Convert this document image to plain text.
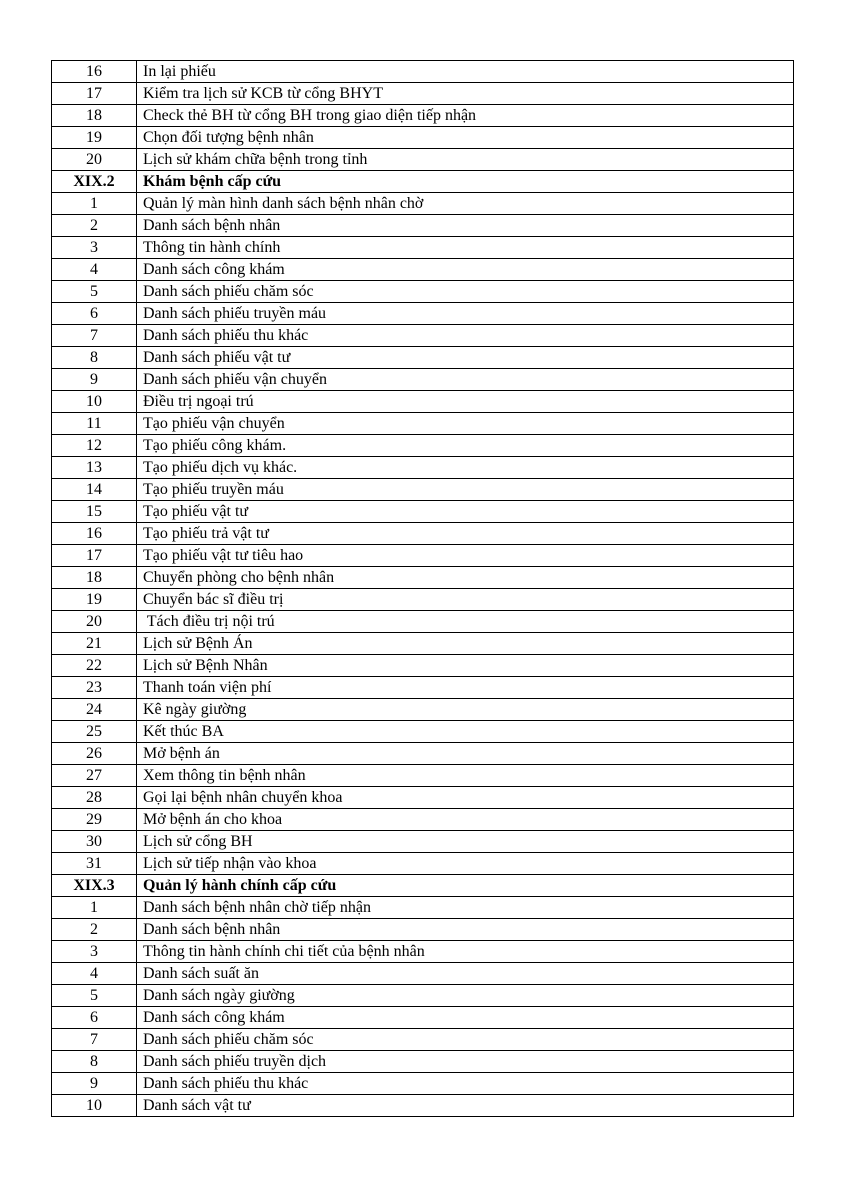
16	In lại phiếu
17	Kiểm tra lịch sử KCB từ cổng BHYT
18	Check thẻ BH từ cổng BH trong giao diện tiếp nhận
19	Chọn đối tượng bệnh nhân
20	Lịch sử khám chữa bệnh trong tỉnh
XIX.2	Khám bệnh cấp cứu
1	Quản lý màn hình danh sách bệnh nhân chờ
2	Danh sách bệnh nhân
3	Thông tin hành chính
4	Danh sách công khám
5	Danh sách phiếu chăm sóc
6	Danh sách phiếu truyền máu
7	Danh sách phiếu thu khác
8	Danh sách phiếu vật tư
9	Danh sách phiếu vận chuyển
10	Điều trị ngoại trú
11	Tạo phiếu vận chuyển
12	Tạo phiếu công khám.
13	Tạo phiếu dịch vụ khác.
14	Tạo phiếu truyền máu
15	Tạo phiếu vật tư
16	Tạo phiếu trả vật tư
17	Tạo phiếu vật tư tiêu hao
18	Chuyển phòng cho bệnh nhân
19	Chuyển bác sĩ điều trị
20	Tách điều trị nội trú
21	Lịch sử Bệnh Án
22	Lịch sử Bệnh Nhân
23	Thanh toán viện phí
24	Kê ngày giường
25	Kết thúc BA
26	Mở bệnh án
27	Xem thông tin bệnh nhân
28	Gọi lại bệnh nhân chuyển khoa
29	Mở bệnh án cho khoa
30	Lịch sử cổng BH
31	Lịch sử tiếp nhận vào khoa
XIX.3	Quản lý hành chính cấp cứu
1	Danh sách bệnh nhân chờ tiếp nhận
2	Danh sách bệnh nhân
3	Thông tin hành chính chi tiết của bệnh nhân
4	Danh sách suất ăn
5	Danh sách ngày giường
6	Danh sách công khám
7	Danh sách phiếu chăm sóc
8	Danh sách phiếu truyền dịch
9	Danh sách phiếu thu khác
10	Danh sách vật tư
